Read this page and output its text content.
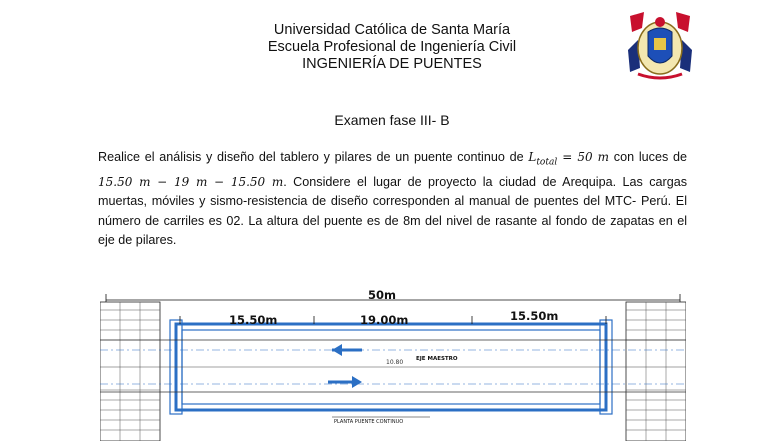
Universidad Católica de Santa María
Escuela Profesional de Ingeniería Civil
INGENIERÍA DE PUENTES
Examen fase III- B

Realice el análisis y diseño del tablero y pilares de un puente continuo de $L_{total} = 50$ m con luces de 15.50 m − 19 m − 15.50 m. Considere el lugar de proyecto la ciudad de Arequipa. Las cargas muertas, móviles y sismo-resistencia de diseño corresponden al manual de puentes del MTC- Perú. El número de carriles es 02. La altura del puente es de 8m del nivel de rasante al fondo de zapatas en el eje de pilares.

50m
15.50m	19.00m	15.50m
10.80 EJE MAESTRO
PLANTA PUENTE CONTINUO
